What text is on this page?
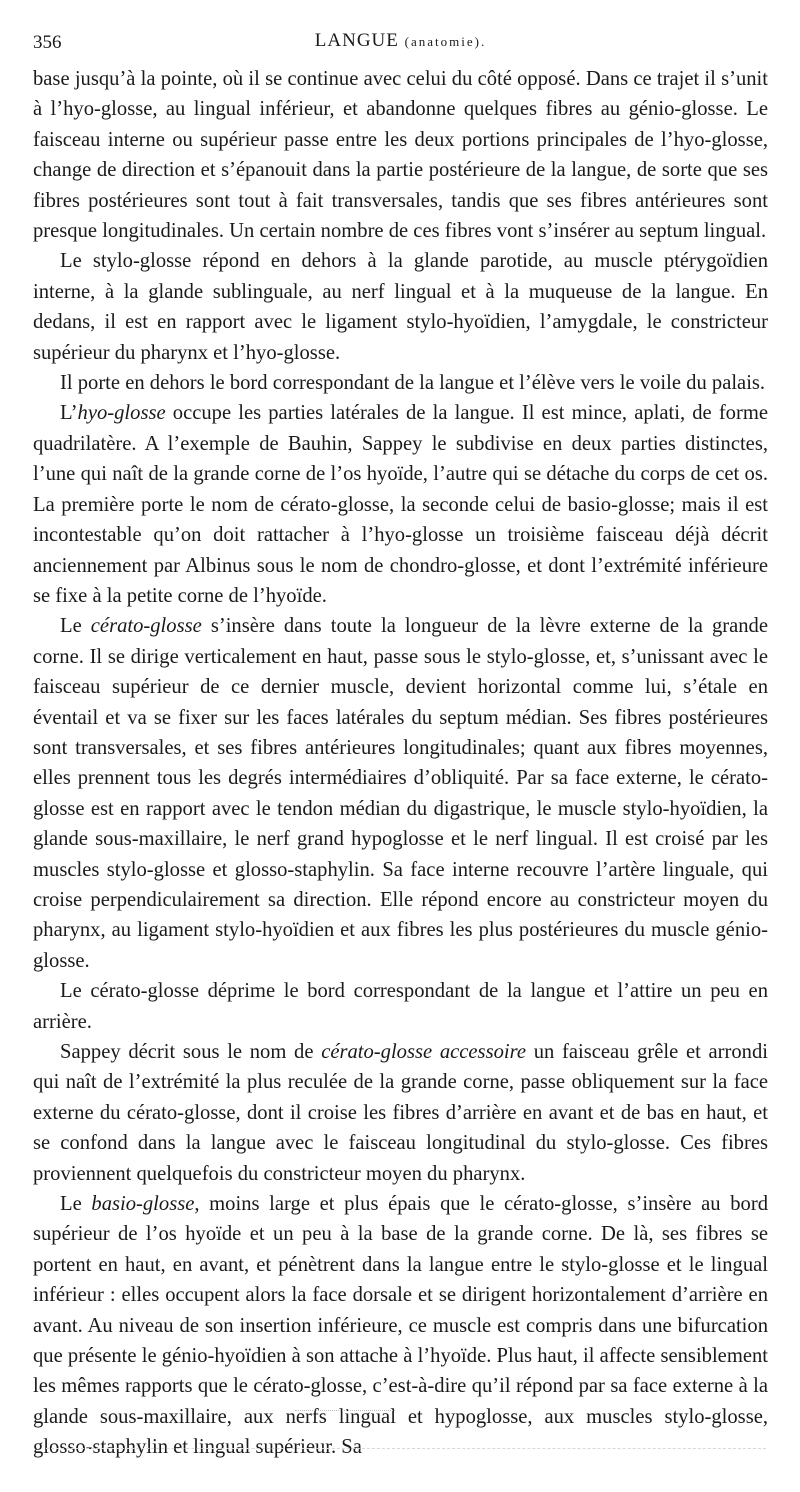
356	LANGUE (anatomie).

base jusqu’à la pointe, où il se continue avec celui du côté opposé. Dans ce trajet il s’unit à l’hyo-glosse, au lingual inférieur, et abandonne quelques fibres au génio-glosse. Le faisceau interne ou supérieur passe entre les deux portions principales de l’hyo-glosse, change de direction et s’épanouit dans la partie postérieure de la langue, de sorte que ses fibres postérieures sont tout à fait transversales, tandis que ses fibres antérieures sont presque longitudinales. Un certain nombre de ces fibres vont s’insérer au septum lingual.

Le stylo-glosse répond en dehors à la glande parotide, au muscle ptérygoïdien interne, à la glande sublinguale, au nerf lingual et à la muqueuse de la langue. En dedans, il est en rapport avec le ligament stylo-hyoïdien, l’amygdale, le constricteur supérieur du pharynx et l’hyo-glosse.

Il porte en dehors le bord correspondant de la langue et l’élève vers le voile du palais.

L’hyo-glosse occupe les parties latérales de la langue. Il est mince, aplati, de forme quadrilatère. A l’exemple de Bauhin, Sappey le subdivise en deux parties distinctes, l’une qui naît de la grande corne de l’os hyoïde, l’autre qui se détache du corps de cet os. La première porte le nom de cérato-glosse, la seconde celui de basio-glosse; mais il est incontestable qu’on doit rattacher à l’hyo-glosse un troisième faisceau déjà décrit anciennement par Albinus sous le nom de chondro-glosse, et dont l’extrémité inférieure se fixe à la petite corne de l’hyoïde.

Le cérato-glosse s’insère dans toute la longueur de la lèvre externe de la grande corne. Il se dirige verticalement en haut, passe sous le stylo-glosse, et, s’unissant avec le faisceau supérieur de ce dernier muscle, devient horizontal comme lui, s’étale en éventail et va se fixer sur les faces latérales du septum médian. Ses fibres postérieures sont transversales, et ses fibres antérieures longitudinales; quant aux fibres moyennes, elles prennent tous les degrés intermédiaires d’obliquité. Par sa face externe, le cérato-glosse est en rapport avec le tendon médian du digastrique, le muscle stylo-hyoïdien, la glande sous-maxillaire, le nerf grand hypoglosse et le nerf lingual. Il est croisé par les muscles stylo-glosse et glosso-staphylin. Sa face interne recouvre l’artère linguale, qui croise perpendiculairement sa direction. Elle répond encore au constricteur moyen du pharynx, au ligament stylo-hyoïdien et aux fibres les plus postérieures du muscle génio-glosse.

Le cérato-glosse déprime le bord correspondant de la langue et l’attire un peu en arrière.

Sappey décrit sous le nom de cérato-glosse accessoire un faisceau grêle et arrondi qui naît de l’extrémité la plus reculée de la grande corne, passe obliquement sur la face externe du cérato-glosse, dont il croise les fibres d’arrière en avant et de bas en haut, et se confond dans la langue avec le faisceau longitudinal du stylo-glosse. Ces fibres proviennent quelquefois du constricteur moyen du pharynx.

Le basio-glosse, moins large et plus épais que le cérato-glosse, s’insère au bord supérieur de l’os hyoïde et un peu à la base de la grande corne. De là, ses fibres se portent en haut, en avant, et pénètrent dans la langue entre le stylo-glosse et le lingual inférieur : elles occupent alors la face dorsale et se dirigent horizontalement d’arrière en avant. Au niveau de son insertion inférieure, ce muscle est compris dans une bifurcation que présente le génio-hyoïdien à son attache à l’hyoïde. Plus haut, il affecte sensiblement les mêmes rapports que le cérato-glosse, c’est-à-dire qu’il répond par sa face externe à la glande sous-maxillaire, aux nerfs lingual et hypoglosse, aux muscles stylo-glosse, glosso-staphylin et lingual supérieur. Sa
